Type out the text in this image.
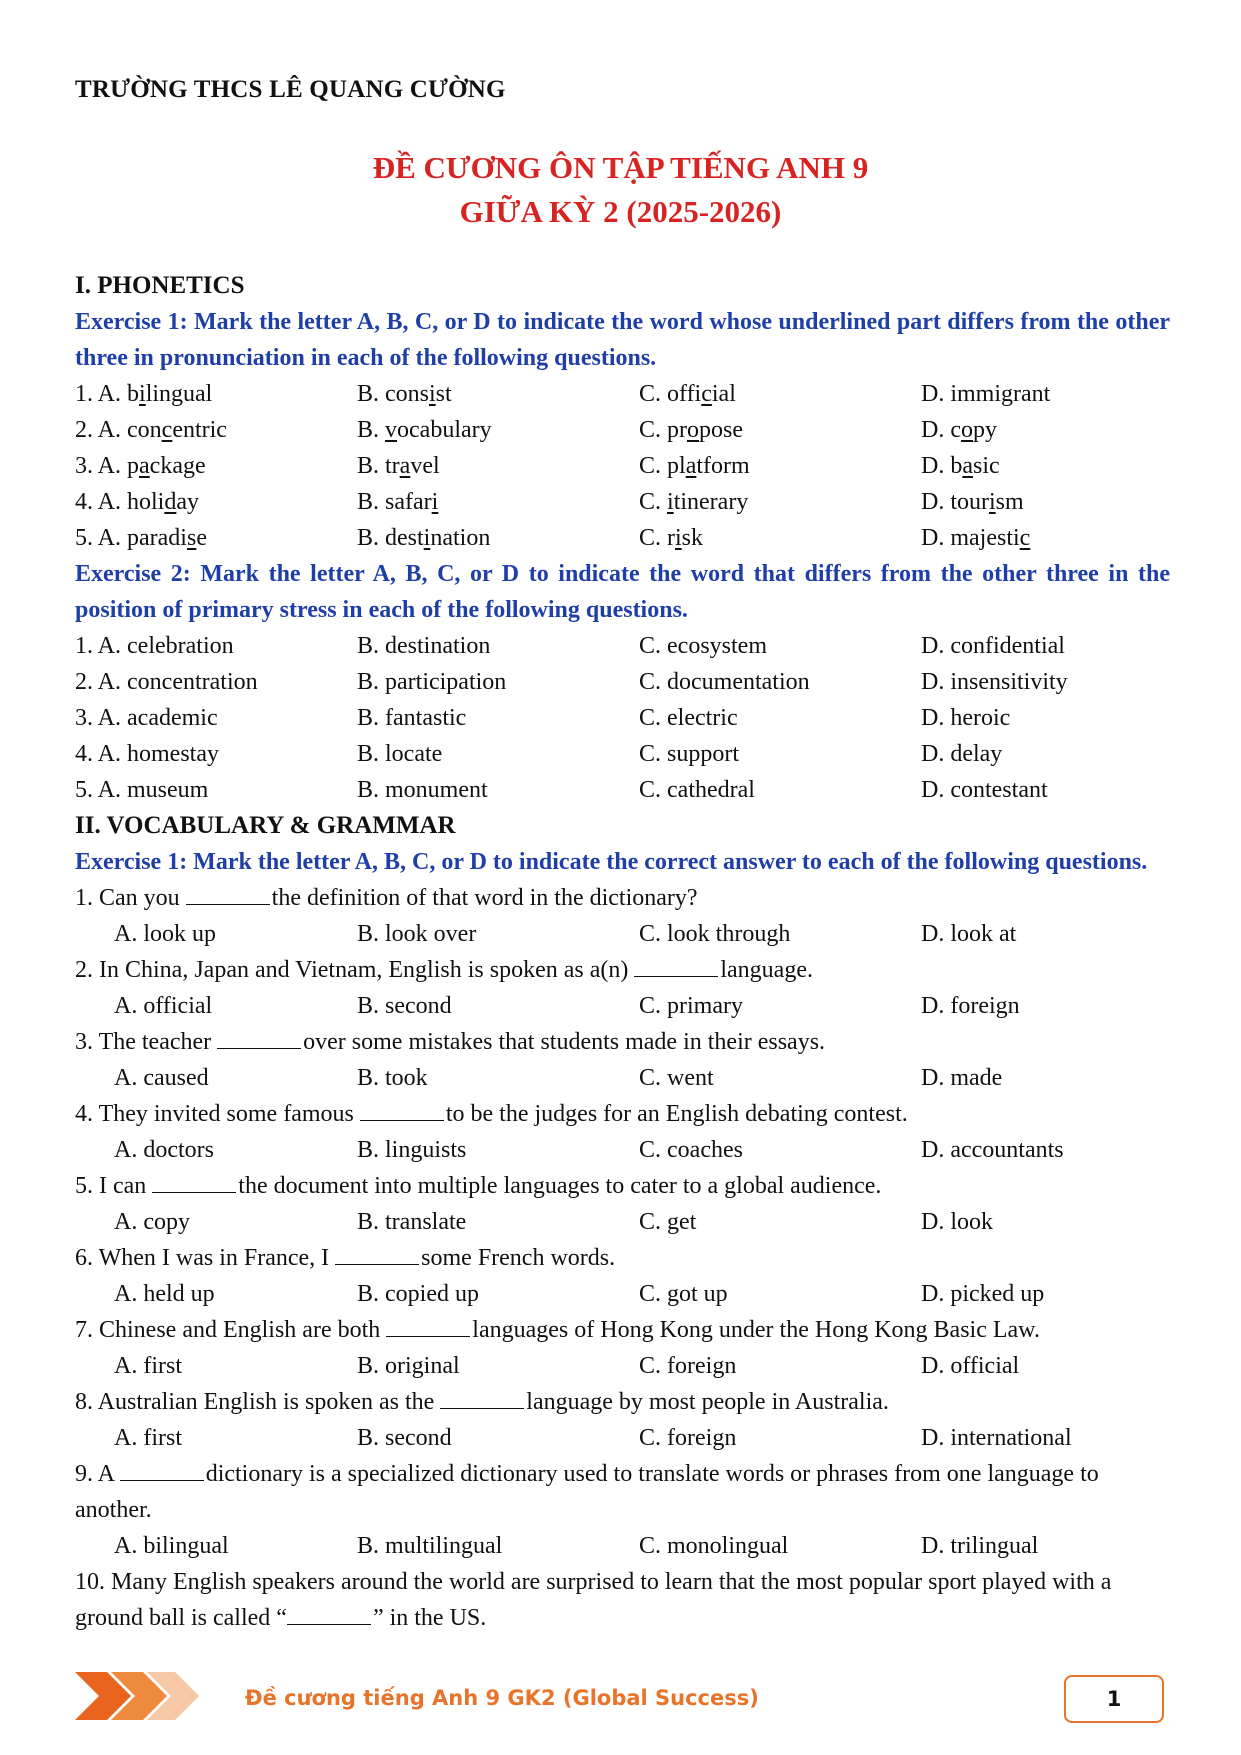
TRƯỜNG THCS LÊ QUANG CƯỜNG
ĐỀ CƯƠNG ÔN TẬP TIẾNG ANH 9
GIỮA KỲ 2 (2025-2026)
I. PHONETICS
Exercise 1: Mark the letter A, B, C, or D to indicate the word whose underlined part differs from the other three in pronunciation in each of the following questions.
1. A. bilingual	B. consist	C. official	D. immigrant
2. A. concentric	B. vocabulary	C. propose	D. copy
3. A. package	B. travel	C. platform	D. basic
4. A. holiday	B. safari	C. itinerary	D. tourism
5. A. paradise	B. destination	C. risk	D. majestic
Exercise 2: Mark the letter A, B, C, or D to indicate the word that differs from the other three in the position of primary stress in each of the following questions.
1. A. celebration	B. destination	C. ecosystem	D. confidential
2. A. concentration	B. participation	C. documentation	D. insensitivity
3. A. academic	B. fantastic	C. electric	D. heroic
4. A. homestay	B. locate	C. support	D. delay
5. A. museum	B. monument	C. cathedral	D. contestant
II. VOCABULARY & GRAMMAR
Exercise 1: Mark the letter A, B, C, or D to indicate the correct answer to each of the following questions.
1. Can you	the definition of that word in the dictionary?
A. look up	B. look over	C. look through	D. look at
2. In China, Japan and Vietnam, English is spoken as a(n)	language.
A. official	B. second	C. primary	D. foreign
3. The teacher	over some mistakes that students made in their essays.
A. caused	B. took	C. went	D. made
4. They invited some famous	to be the judges for an English debating contest.
A. doctors	B. linguists	C. coaches	D. accountants
5. I can	the document into multiple languages to cater to a global audience.
A. copy	B. translate	C. get	D. look
6. When I was in France, I	some French words.
A. held up	B. copied up	C. got up	D. picked up
7. Chinese and English are both	languages of Hong Kong under the Hong Kong Basic Law.
A. first	B. original	C. foreign	D. official
8. Australian English is spoken as the	language by most people in Australia.
A. first	B. second	C. foreign	D. international
9. A	dictionary is a specialized dictionary used to translate words or phrases from one language to another.
A. bilingual	B. multilingual	C. monolingual	D. trilingual
10. Many English speakers around the world are surprised to learn that the most popular sport played with a ground ball is called “	” in the US.
Đề cương tiếng Anh 9 GK2 (Global Success)	1
